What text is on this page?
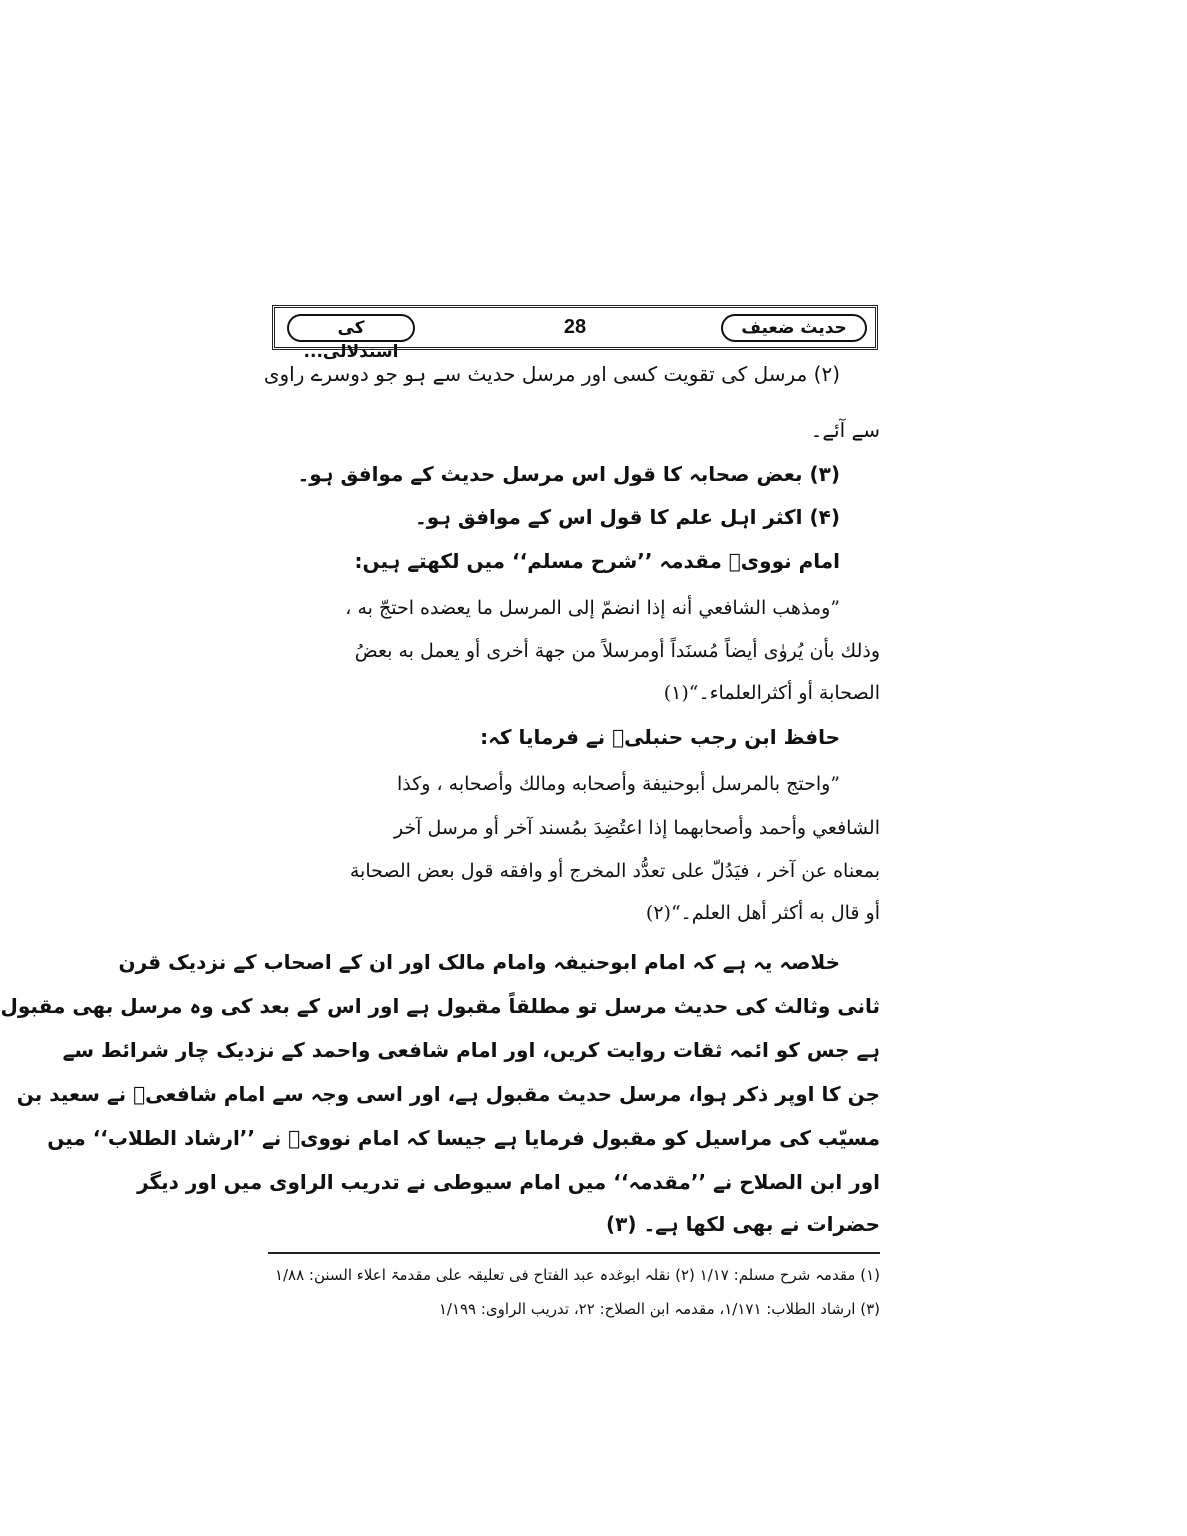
حدیث ضعیف
28
کی استدلالی...
(۲) مرسل کی تقویت کسی اور مرسل حدیث سے ہو جو دوسرے راوی
سے آئے۔
(۳) بعض صحابہ کا قول اس مرسل حدیث کے موافق ہو۔
(۴) اکثر اہل علم کا قول اس کے موافق ہو۔
امام نوویؒ مقدمہ ’’شرح مسلم‘‘ میں لکھتے ہیں:
”ومذهب الشافعي أنه إذا انضمّ إلى المرسل ما يعضده احتجّ به ،
وذلك بأن يُروٰى أيضاً مُسنَداً أومرسلاً من جهة أخرى أو يعمل به بعضُ
الصحابة أو أكثرالعلماء۔“(۱)
حافظ ابن رجب حنبلیؒ نے فرمایا کہ:
”واحتج بالمرسل أبوحنيفة وأصحابه ومالك وأصحابه ، وكذا
الشافعي وأحمد وأصحابهما إذا اعتُضِدَ بمُسند آخر أو مرسل آخر
بمعناه عن آخر ، فيَدُلّ على تعدُّد المخرج أو وافقه قول بعض الصحابة
أو قال به أكثر أهل العلم۔“(۲)
خلاصہ یہ ہے کہ امام ابوحنیفہ وامام مالک اور ان کے اصحاب کے نزدیک قرن
ثانی وثالث کی حدیث مرسل تو مطلقاً مقبول ہے اور اس کے بعد کی وہ مرسل بھی مقبول
ہے جس کو ائمہ ثقات روایت کریں، اور امام شافعی واحمد کے نزدیک چار شرائط سے
جن کا اوپر ذکر ہوا، مرسل حدیث مقبول ہے، اور اسی وجہ سے امام شافعیؒ نے سعید بن
مسیّب کی مراسیل کو مقبول فرمایا ہے جیسا کہ امام نوویؒ نے ’’ارشاد الطلاب‘‘ میں
اور ابن الصلاح نے ’’مقدمہ‘‘ میں امام سیوطی نے تدریب الراوی میں اور دیگر
حضرات نے بھی لکھا ہے۔ (۳)
(۱) مقدمہ شرح مسلم: ۱/۱۷ (۲) نقلہ ابوغدہ عبد الفتاح فی تعلیقہ علی مقدمۃ اعلاء السنن: ۱/۸۸
(۳) ارشاد الطلاب: ۱/۱۷۱، مقدمہ ابن الصلاح: ۲۲، تدریب الراوی: ۱/۱۹۹
